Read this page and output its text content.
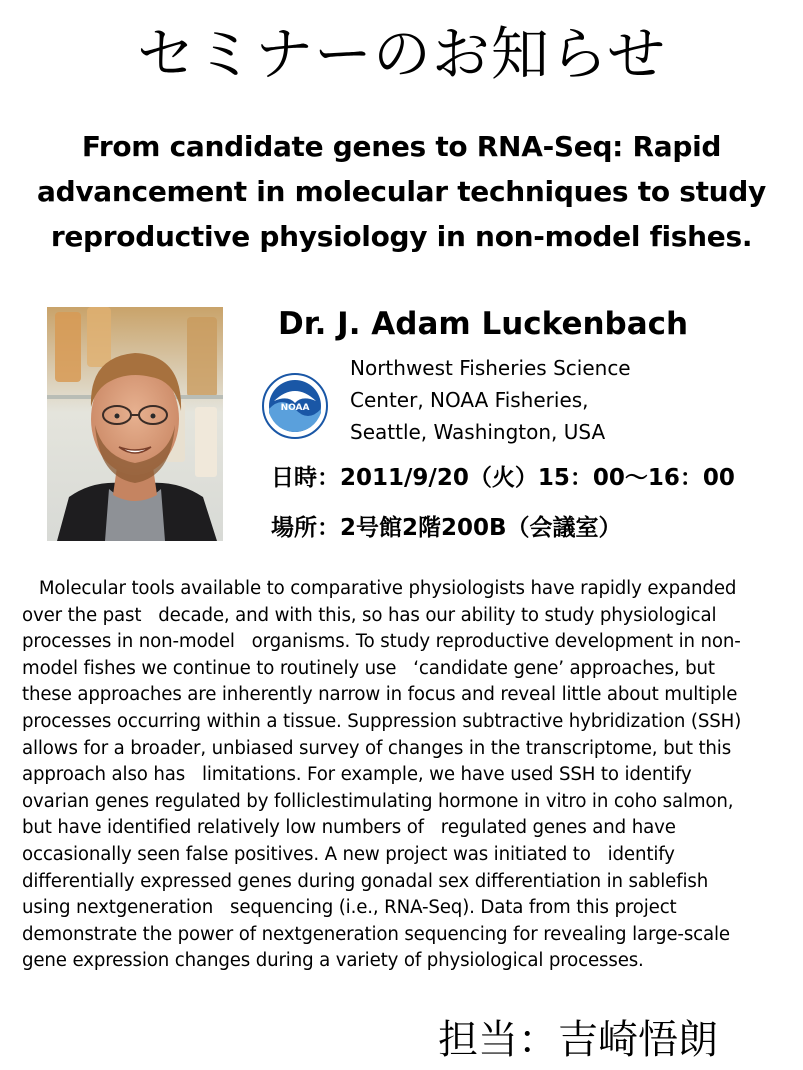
セミナーのお知らせ
From candidate genes to RNA-Seq: Rapid
advancement in molecular techniques to study
reproductive physiology in non-model fishes.
Dr. J. Adam Luckenbach
NOAA
Northwest Fisheries Science
Center, NOAA Fisheries,
Seattle, Washington, USA
日時：2011/9/20（火）15：00～16：00
場所：2号館2階200B（会議室）
Molecular tools available to comparative physiologists have rapidly expanded
over the past   decade, and with this, so has our ability to study physiological
processes in non-model   organisms. To study reproductive development in non-
model fishes we continue to routinely use   ‘candidate gene’ approaches, but
these approaches are inherently narrow in focus and reveal little about multiple
processes occurring within a tissue. Suppression subtractive hybridization (SSH)
allows for a broader, unbiased survey of changes in the transcriptome, but this
approach also has   limitations. For example, we have used SSH to identify
ovarian genes regulated by folliclestimulating hormone in vitro in coho salmon,
but have identified relatively low numbers of   regulated genes and have
occasionally seen false positives. A new project was initiated to   identify
differentially expressed genes during gonadal sex differentiation in sablefish
using nextgeneration   sequencing (i.e., RNA-Seq). Data from this project
demonstrate the power of nextgeneration sequencing for revealing large-scale
gene expression changes during a variety of physiological processes.
担当：吉崎悟朗
